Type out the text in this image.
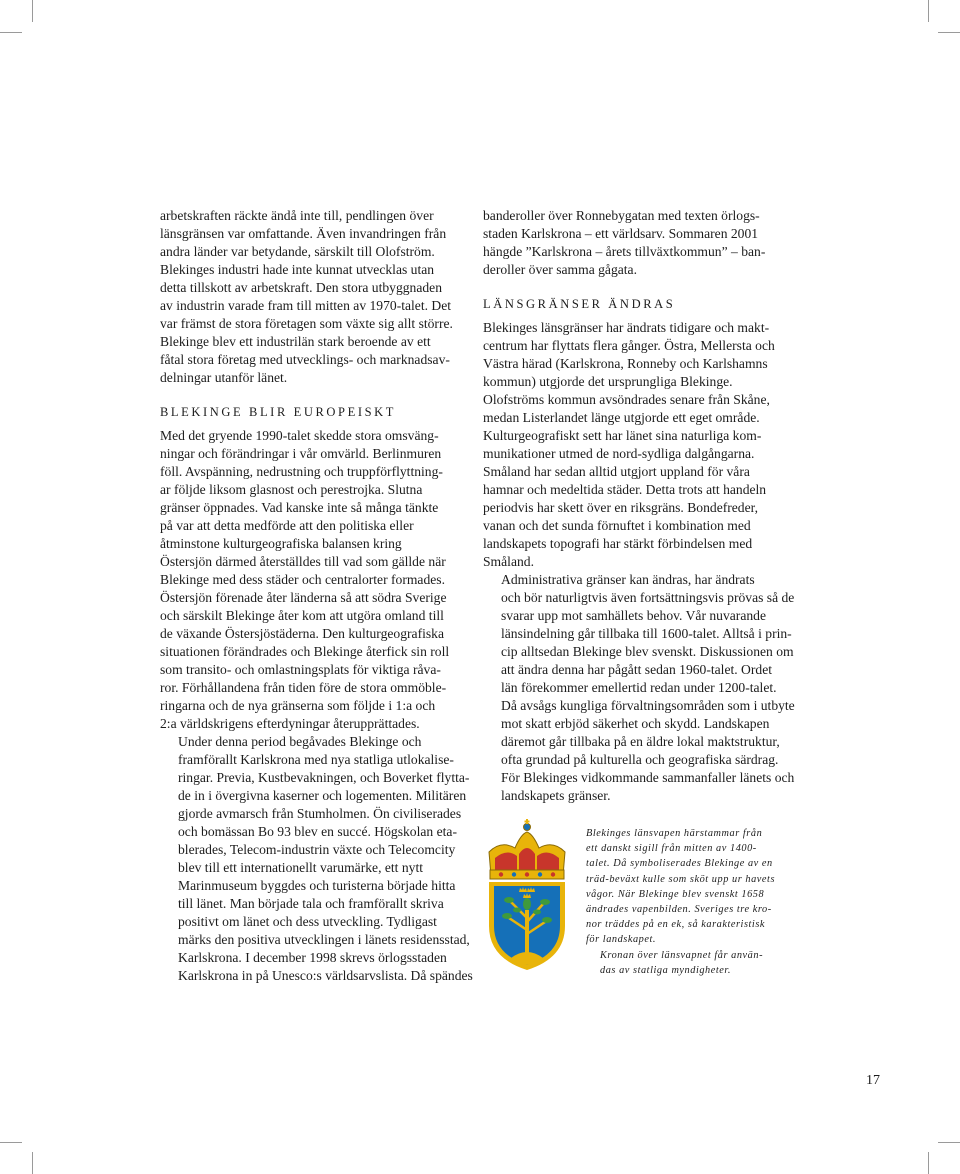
arbetskraften räckte ändå inte till, pendlingen över
länsgränsen var omfattande. Även invandringen från
andra länder var betydande, särskilt till Olofström.
Blekinges industri hade inte kunnat utvecklas utan
detta tillskott av arbetskraft. Den stora utbyggnaden
av industrin varade fram till mitten av 1970-talet. Det
var främst de stora företagen som växte sig allt större.
Blekinge blev ett industrilän stark beroende av ett
fåtal stora företag med utvecklings- och marknadsav-
delningar utanför länet.

BLEKINGE BLIR EUROPEISKT

Med det gryende 1990-talet skedde stora omsväng-
ningar och förändringar i vår omvärld. Berlinmuren
föll. Avspänning, nedrustning och truppförflyttning-
ar följde liksom glasnost och perestrojka. Slutna
gränser öppnades. Vad kanske inte så många tänkte
på var att detta medförde att den politiska eller
åtminstone kulturgeografiska balansen kring
Östersjön därmed återställdes till vad som gällde när
Blekinge med dess städer och centralorter formades.
Östersjön förenade åter länderna så att södra Sverige
och särskilt Blekinge åter kom att utgöra omland till
de växande Östersjöstäderna. Den kulturgeografiska
situationen förändrades och Blekinge återfick sin roll
som transito- och omlastningsplats för viktiga råva-
ror. Förhållandena från tiden före de stora ommöble-
ringarna och de nya gränserna som följde i 1:a och
2:a världskrigens efterdyningar återupprättades.

Under denna period begåvades Blekinge och
framförallt Karlskrona med nya statliga utlokalise-
ringar. Previa, Kustbevakningen, och Boverket flytta-
de in i övergivna kaserner och logementen. Militären
gjorde avmarsch från Stumholmen. Ön civiliserades
och bomässan Bo 93 blev en succé. Högskolan eta-
blerades, Telecom-industrin växte och Telecomcity
blev till ett internationellt varumärke, ett nytt
Marinmuseum byggdes och turisterna började hitta
till länet. Man började tala och framförallt skriva
positivt om länet och dess utveckling. Tydligast
märks den positiva utvecklingen i länets residensstad,
Karlskrona. I december 1998 skrevs örlogsstaden
Karlskrona in på Unesco:s världsarvslista. Då spändes

banderoller över Ronnebygatan med texten örlogs-
staden Karlskrona – ett världsarv. Sommaren 2001
hängde ”Karlskrona – årets tillväxtkommun” – ban-
deroller över samma gågata.

LÄNSGRÄNSER ÄNDRAS

Blekinges länsgränser har ändrats tidigare och makt-
centrum har flyttats flera gånger. Östra, Mellersta och
Västra härad (Karlskrona, Ronneby och Karlshamns
kommun) utgjorde det ursprungliga Blekinge.
Olofströms kommun avsöndrades senare från Skåne,
medan Listerlandet länge utgjorde ett eget område.
Kulturgeografiskt sett har länet sina naturliga kom-
munikationer utmed de nord-sydliga dalgångarna.
Småland har sedan alltid utgjort uppland för våra
hamnar och medeltida städer. Detta trots att handeln
periodvis har skett över en riksgräns. Bondefreder,
vanan och det sunda förnuftet i kombination med
landskapets topografi har stärkt förbindelsen med
Småland.

Administrativa gränser kan ändras, har ändrats
och bör naturligtvis även fortsättningsvis prövas så de
svarar upp mot samhällets behov. Vår nuvarande
länsindelning går tillbaka till 1600-talet. Alltså i prin-
cip alltsedan Blekinge blev svenskt. Diskussionen om
att ändra denna har pågått sedan 1960-talet. Ordet
län förekommer emellertid redan under 1200-talet.
Då avsågs kungliga förvaltningsområden som i utbyte
mot skatt erbjöd säkerhet och skydd. Landskapen
däremot går tillbaka på en äldre lokal maktstruktur,
ofta grundad på kulturella och geografiska särdrag.
För Blekinges vidkommande sammanfaller länets och
landskapets gränser.

Blekinges länsvapen härstammar från
ett danskt sigill från mitten av 1400-
talet. Då symboliserades Blekinge av en
träd-beväxt kulle som sköt upp ur havets
vågor. När Blekinge blev svenskt 1658
ändrades vapenbilden. Sveriges tre kro-
nor träddes på en ek, så karakteristisk
för landskapet.

Kronan över länsvapnet får använ-
das av statliga myndigheter.

17
